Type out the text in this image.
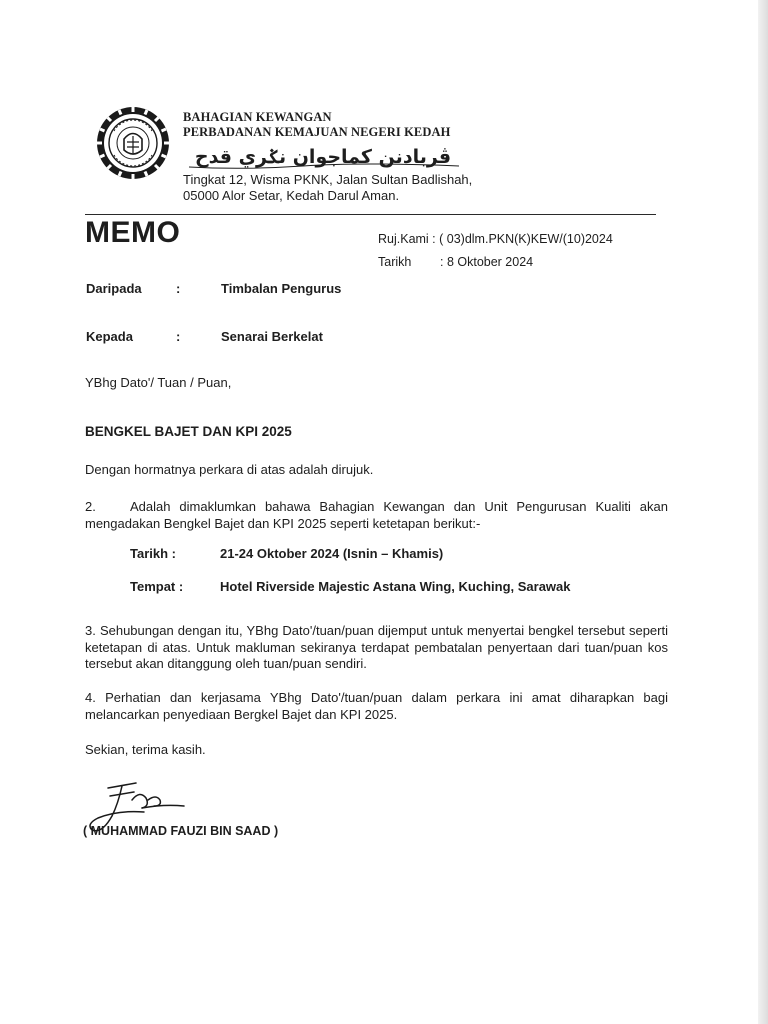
BAHAGIAN KEWANGAN
PERBADANAN KEMAJUAN NEGERI KEDAH
ڤربادنن كماجوان نݢري قدح
Tingkat 12, Wisma PKNK, Jalan Sultan Badlishah,
05000 Alor Setar, Kedah Darul Aman.
MEMO	Ruj.Kami : ( 03)dlm.PKN(K)KEW/(10)2024
Tarikh : 8 Oktober 2024
Daripada	:	Timbalan Pengurus
Kepada	:	Senarai Berkelat
YBhg Dato'/ Tuan / Puan,
BENGKEL BAJET DAN KPI 2025
Dengan hormatnya perkara di atas adalah dirujuk.
2.	Adalah dimaklumkan bahawa Bahagian Kewangan dan Unit Pengurusan Kualiti akan mengadakan Bengkel Bajet dan KPI 2025 seperti ketetapan berikut:-

Tarikh :	21-24 Oktober 2024 (Isnin – Khamis)
Tempat :	Hotel Riverside Majestic Astana Wing, Kuching, Sarawak

3. Sehubungan dengan itu, YBhg Dato'/tuan/puan dijemput untuk menyertai bengkel tersebut seperti ketetapan di atas. Untuk makluman sekiranya terdapat pembatalan penyertaan dari tuan/puan kos tersebut akan ditanggung oleh tuan/puan sendiri.

4. Perhatian dan kerjasama YBhg Dato'/tuan/puan dalam perkara ini amat diharapkan bagi melancarkan penyediaan Bergkel Bajet dan KPI 2025.

Sekian, terima kasih.
( MUHAMMAD FAUZI BIN SAAD )
